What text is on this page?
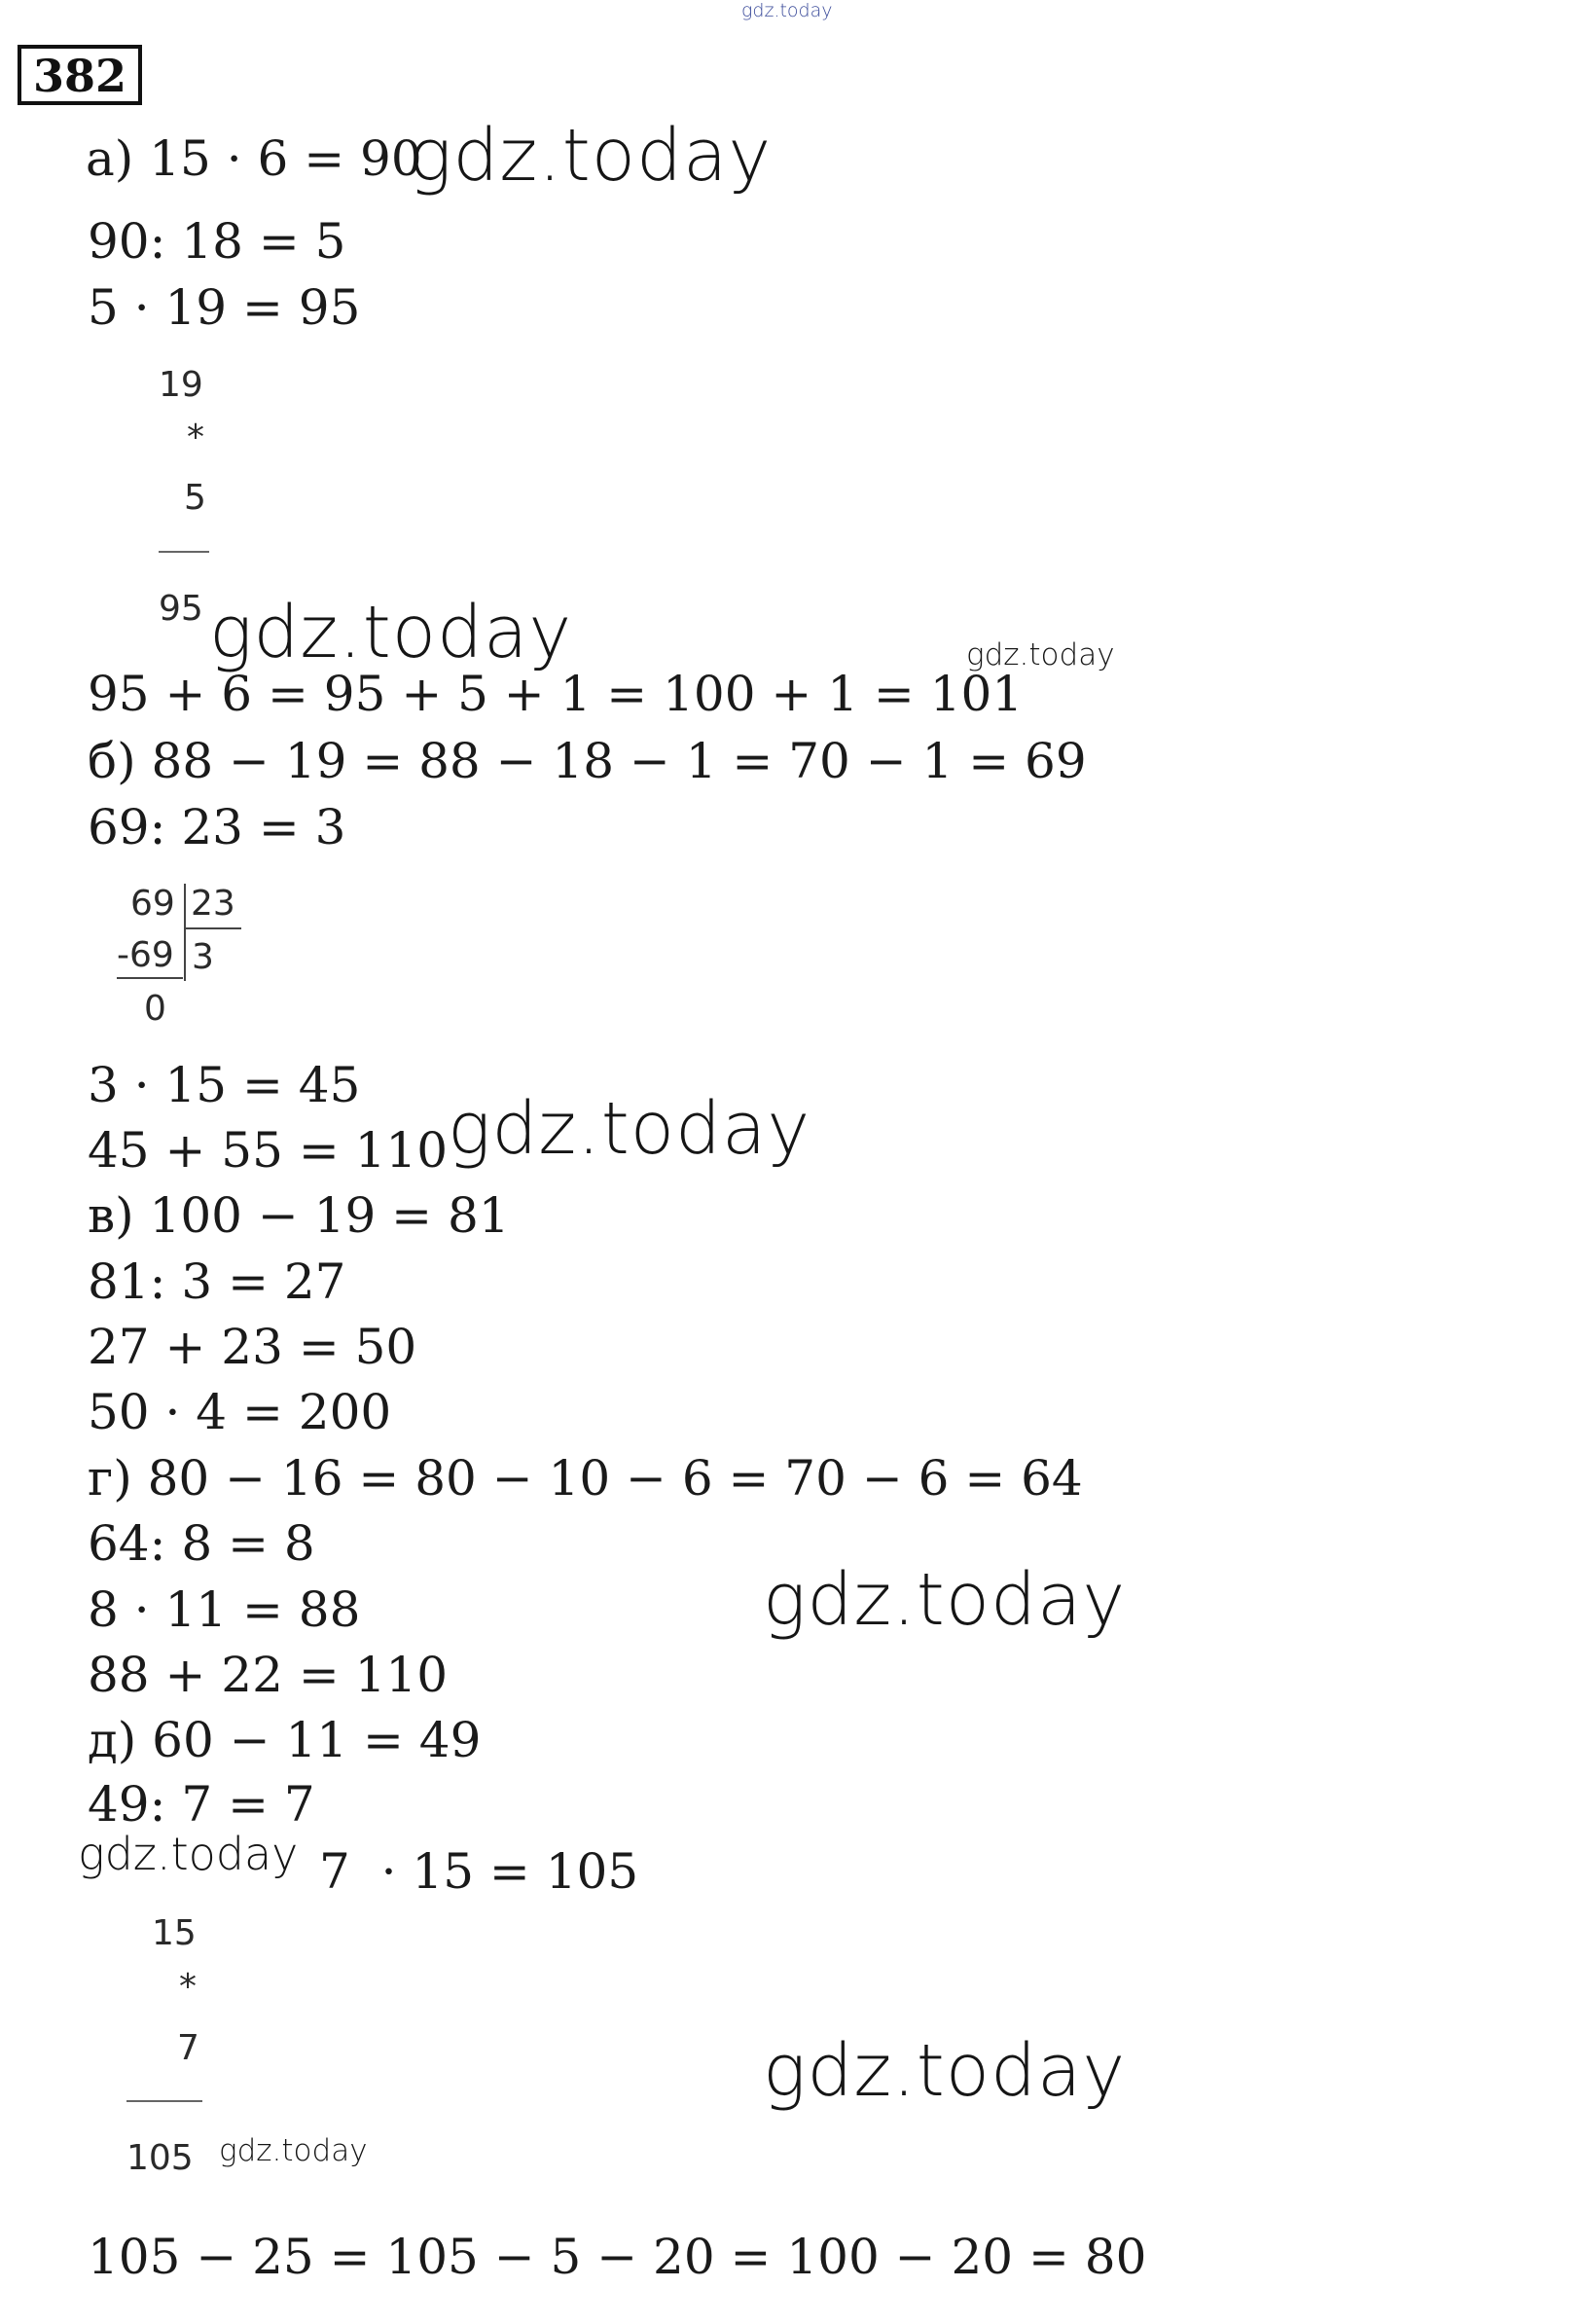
gdz.today
382
а) 15 · 6 = 90
gdz.today
90: 18 = 5
5 · 19 = 95
19
*
5
95 gdz.today	gdz.today
95 + 6 = 95 + 5 + 1 = 100 + 1 = 101
б) 88 − 19 = 88 − 18 − 1 = 70 − 1 = 69
69: 23 = 3
69 23
-69 3
0
3 · 15 = 45
45 + 55 = 110 gdz.today
в) 100 − 19 = 81
81: 3 = 27
27 + 23 = 50
50 · 4 = 200
г) 80 − 16 = 80 − 10 − 6 = 70 − 6 = 64
64: 8 = 8
8 · 11 = 88	gdz.today
88 + 22 = 110
д) 60 − 11 = 49
49: 7 = 7
gdz.today 7  · 15 = 105
15
*
7	gdz.today
105 gdz.today
105 − 25 = 105 − 5 − 20 = 100 − 20 = 80
